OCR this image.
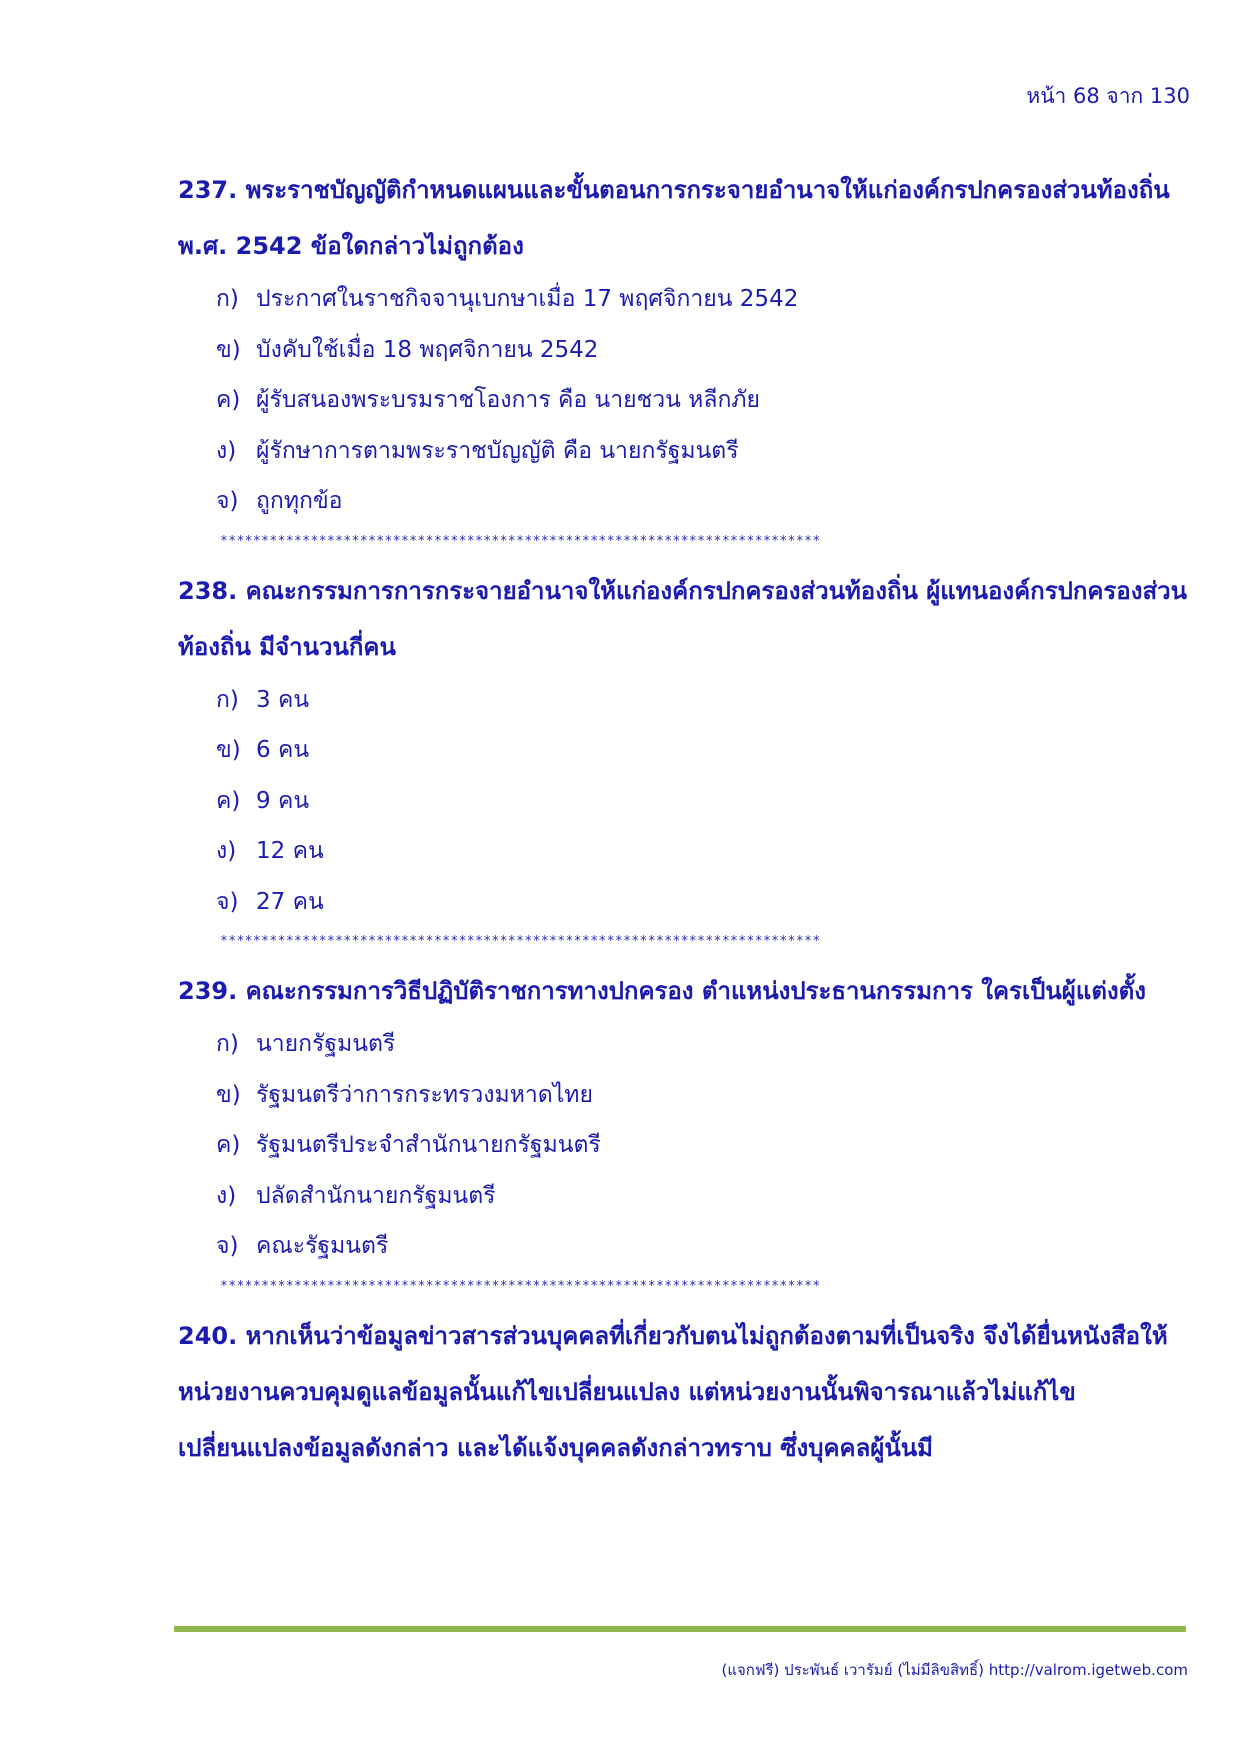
หน้า 68 จาก 130
237. พระราชบัญญัติกำหนดแผนและขั้นตอนการกระจายอำนาจให้แก่องค์กรปกครองส่วนท้องถิ่น พ.ศ. 2542 ข้อใดกล่าวไม่ถูกต้อง
ก) ประกาศในราชกิจจานุเบกษาเมื่อ 17 พฤศจิกายน 2542
ข) บังคับใช้เมื่อ 18 พฤศจิกายน 2542
ค) ผู้รับสนองพระบรมราชโองการ คือ นายชวน หลีกภัย
ง) ผู้รักษาการตามพระราชบัญญัติ คือ นายกรัฐมนตรี
จ) ถูกทุกข้อ
*************************************************************************
238. คณะกรรมการการกระจายอำนาจให้แก่องค์กรปกครองส่วนท้องถิ่น ผู้แทนองค์กรปกครองส่วนท้องถิ่น มีจำนวนกี่คน
ก) 3 คน
ข) 6 คน
ค) 9 คน
ง) 12 คน
จ) 27 คน
*************************************************************************
239. คณะกรรมการวิธีปฏิบัติราชการทางปกครอง ตำแหน่งประธานกรรมการ ใครเป็นผู้แต่งตั้ง
ก) นายกรัฐมนตรี
ข) รัฐมนตรีว่าการกระทรวงมหาดไทย
ค) รัฐมนตรีประจำสำนักนายกรัฐมนตรี
ง) ปลัดสำนักนายกรัฐมนตรี
จ) คณะรัฐมนตรี
*************************************************************************
240. หากเห็นว่าข้อมูลข่าวสารส่วนบุคคลที่เกี่ยวกับตนไม่ถูกต้องตามที่เป็นจริง จึงได้ยื่นหนังสือให้หน่วยงานควบคุมดูแลข้อมูลนั้นแก้ไขเปลี่ยนแปลง แต่หน่วยงานนั้นพิจารณาแล้วไม่แก้ไขเปลี่ยนแปลงข้อมูลดังกล่าว และได้แจ้งบุคคลดังกล่าวทราบ ซึ่งบุคคลผู้นั้นมี
(แจกฟรี) ประพันธ์ เวารัมย์ (ไม่มีลิขสิทธิ์) http://valrom.igetweb.com
